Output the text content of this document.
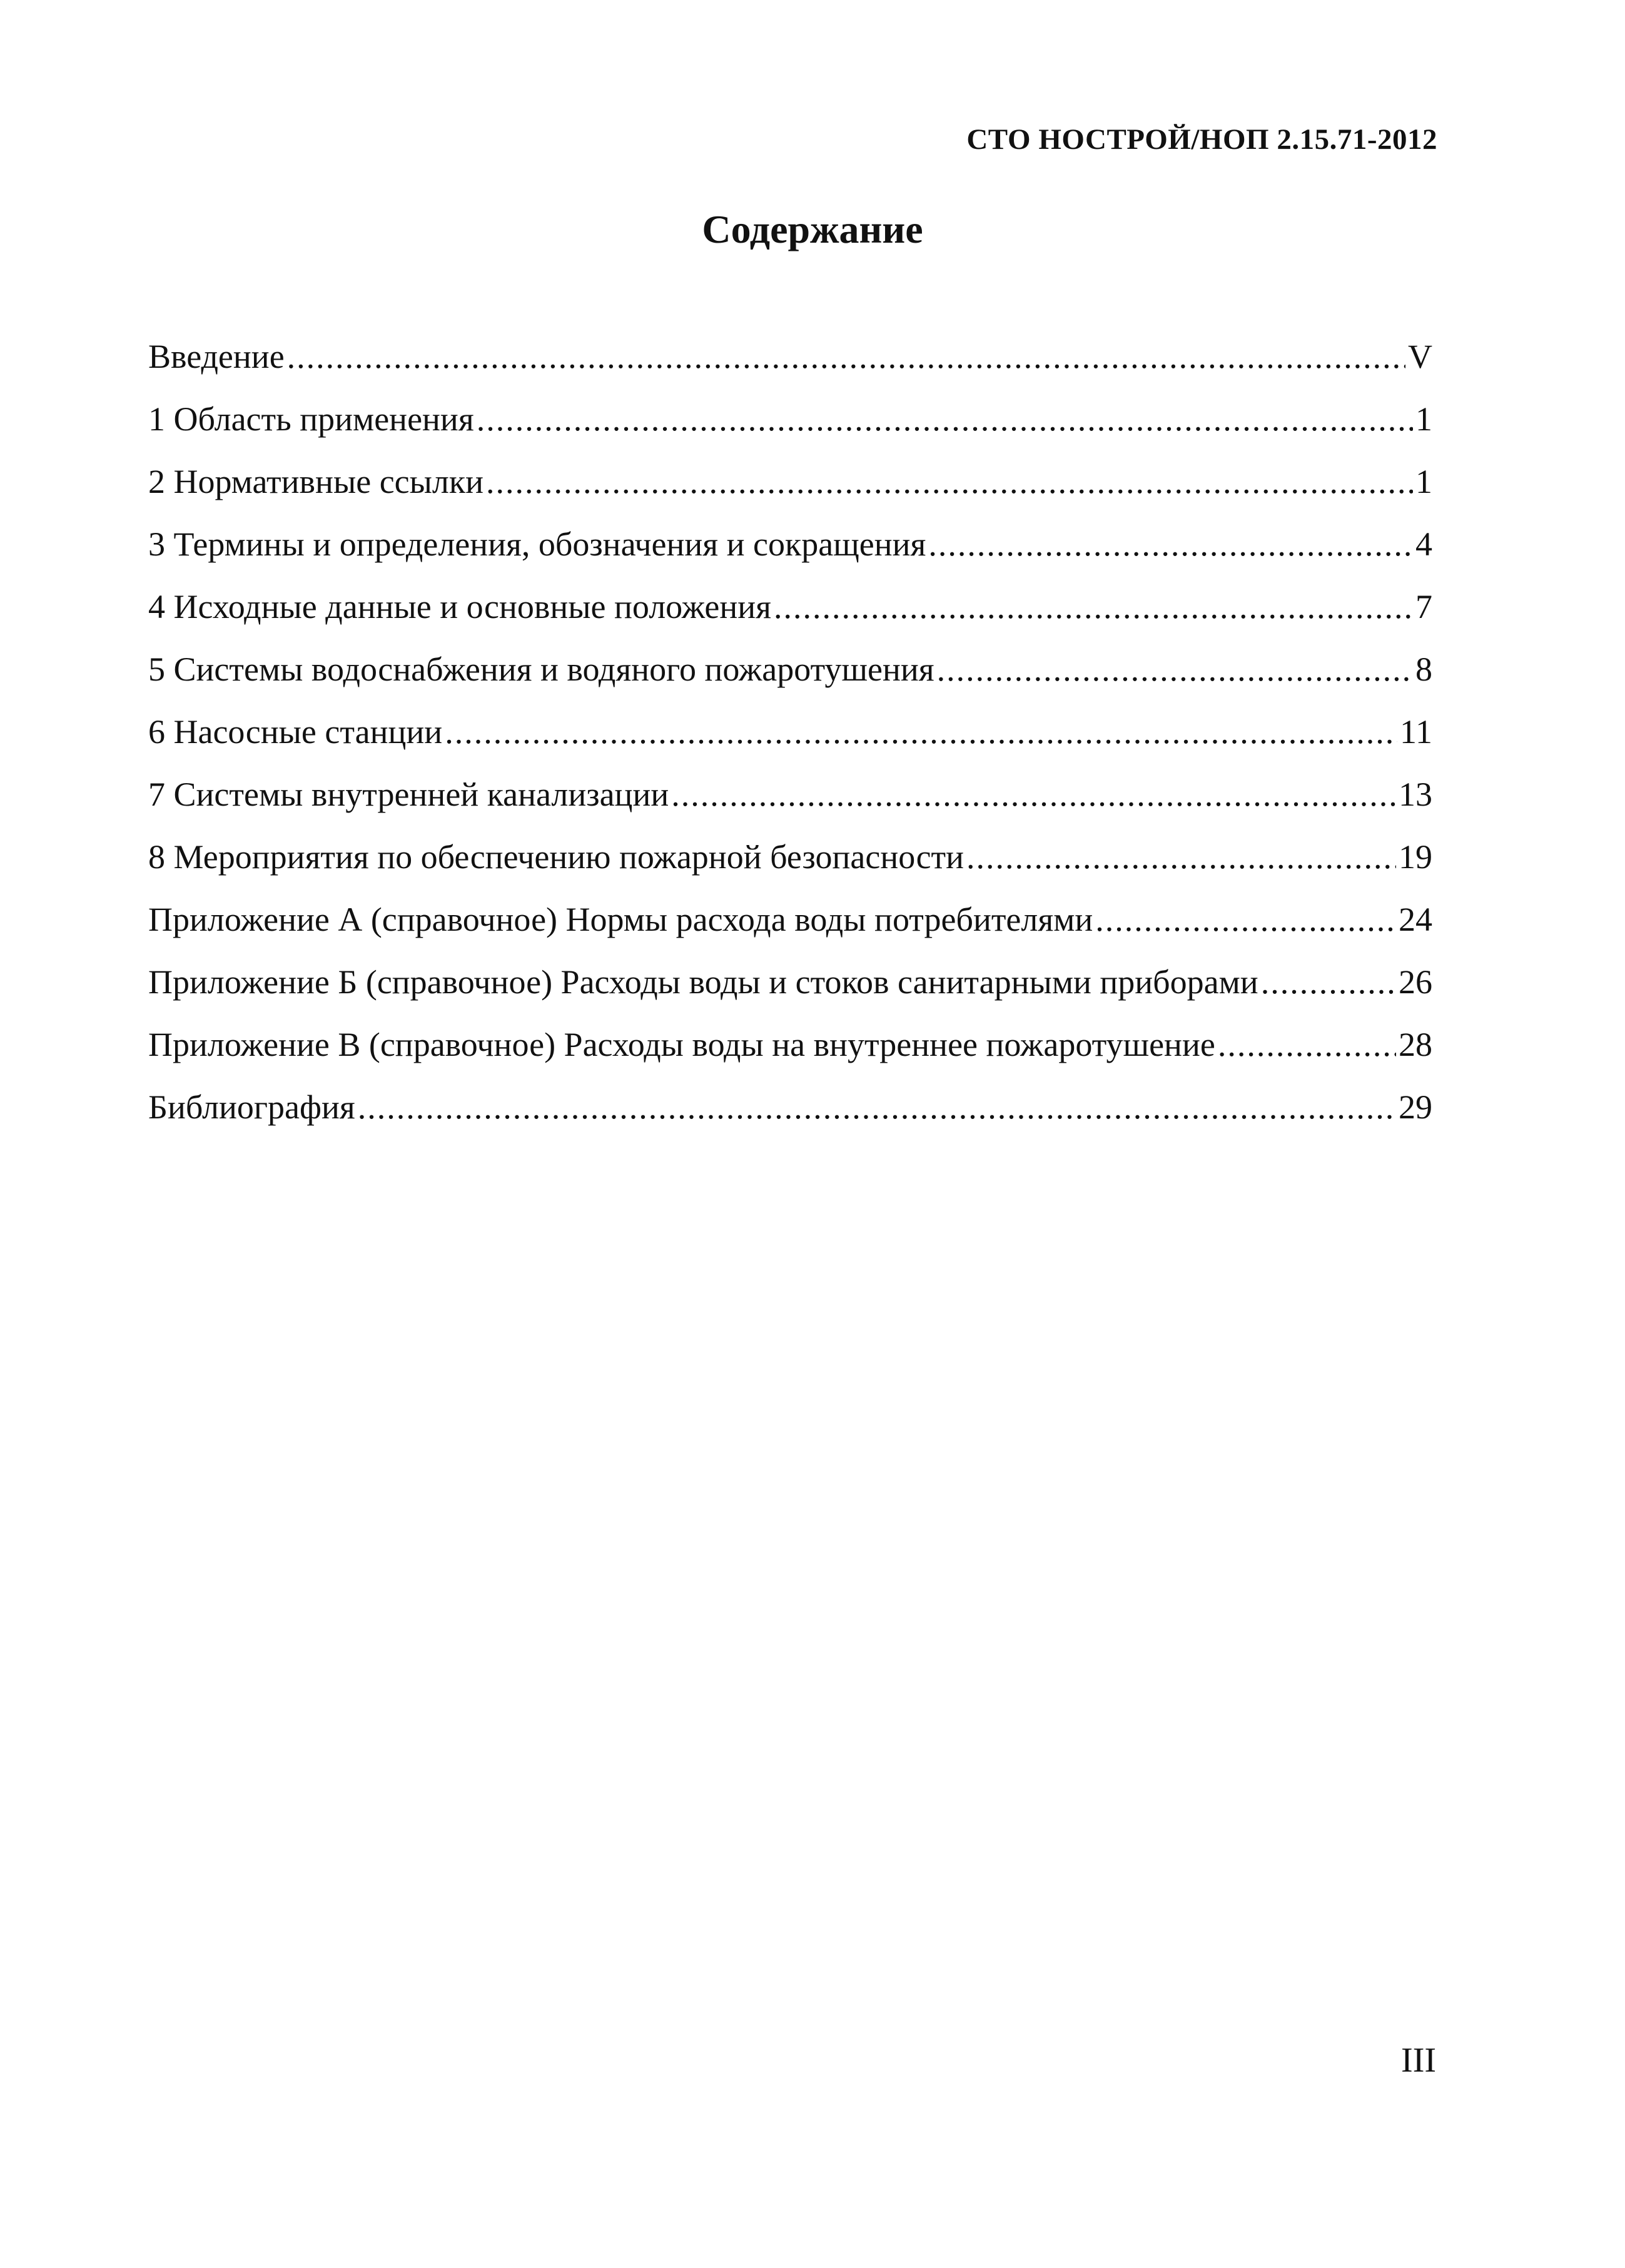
СТО НОСТРОЙ/НОП 2.15.71-2012
Содержание
Введение .....	V
1 Область применения .....	1
2 Нормативные ссылки .....	1
3 Термины и определения, обозначения и сокращения .....	4
4 Исходные данные и основные положения .....	7
5 Системы водоснабжения и водяного пожаротушения .....	8
6 Насосные станции .....	11
7 Системы внутренней канализации .....	13
8 Мероприятия по обеспечению пожарной безопасности .....	19
Приложение А (справочное) Нормы расхода воды потребителями .....	24
Приложение Б (справочное) Расходы воды и стоков санитарными приборами .....	26
Приложение В (справочное) Расходы воды на внутреннее пожаротушение .....	28
Библиография .....	29
III
